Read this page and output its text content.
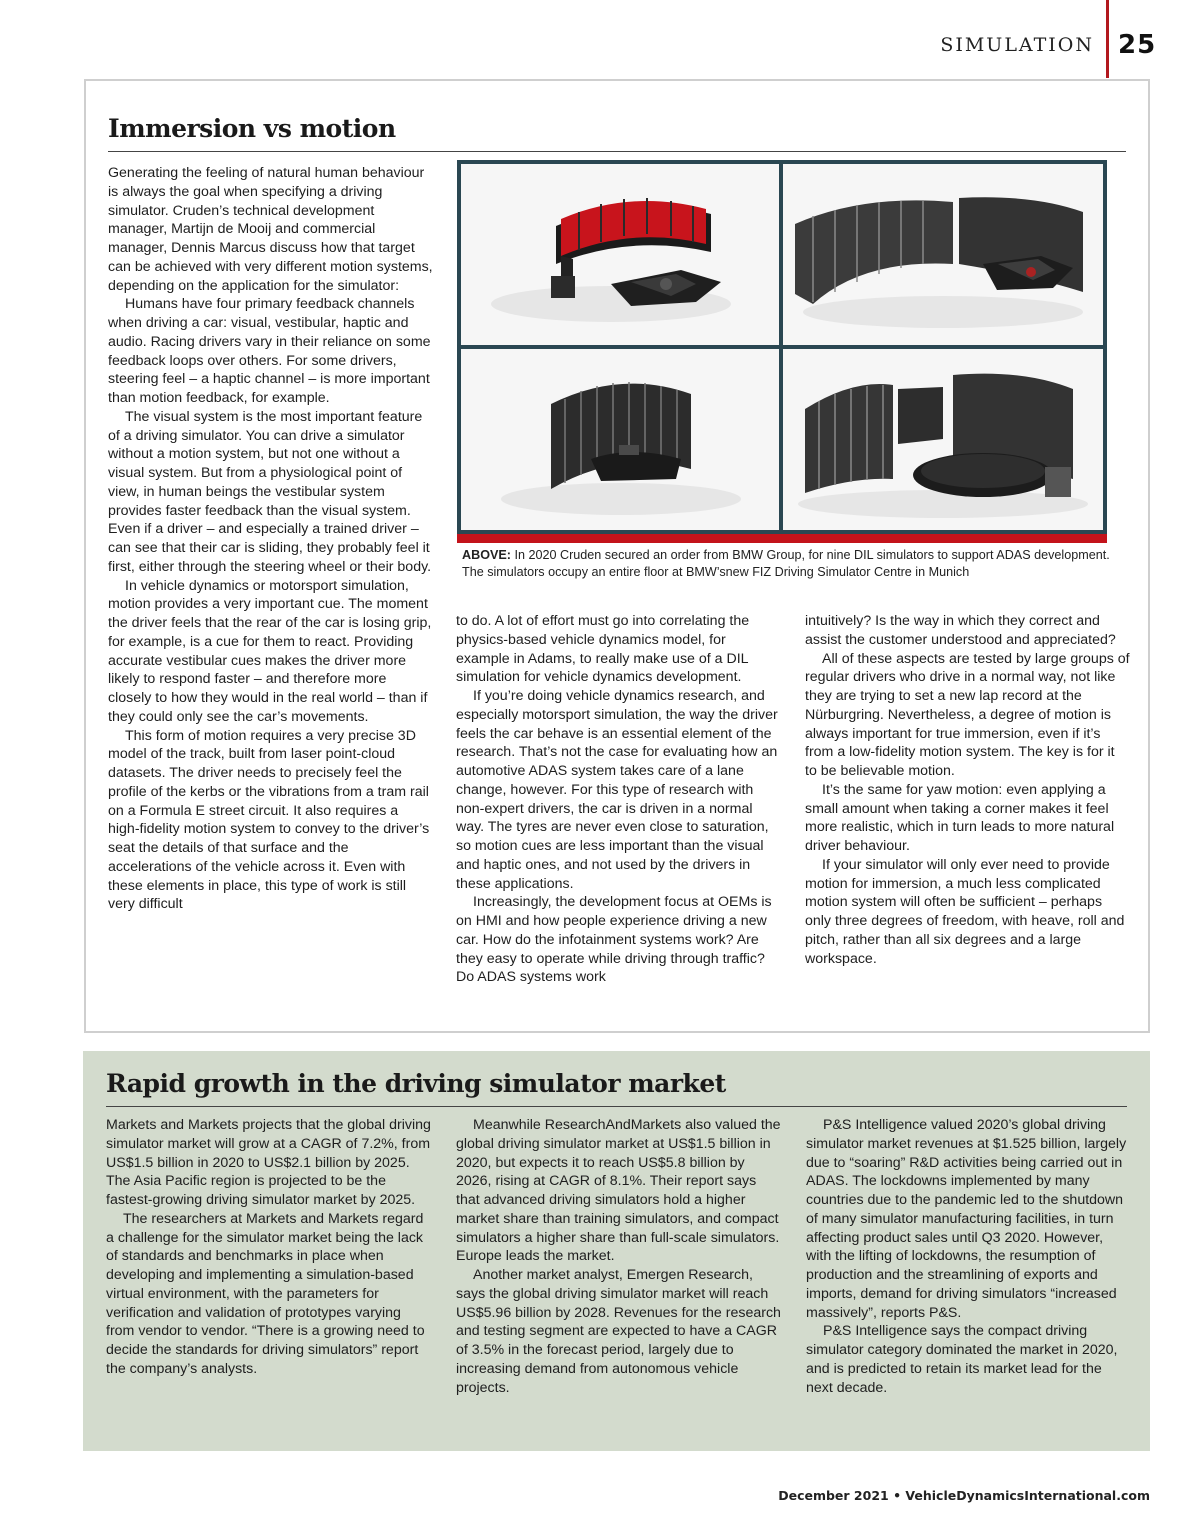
SIMULATION 25
Immersion vs motion

Generating the feeling of natural human behaviour is always the goal when specifying a driving simulator. Cruden’s technical development manager, Martijn de Mooij and commercial manager, Dennis Marcus discuss how that target can be achieved with very different motion systems, depending on the application for the simulator:

Humans have four primary feedback channels when driving a car: visual, vestibular, haptic and audio. Racing drivers vary in their reliance on some feedback loops over others. For some drivers, steering feel – a haptic channel – is more important than motion feedback, for example.

The visual system is the most important feature of a driving simulator. You can drive a simulator without a motion system, but not one without a visual system. But from a physiological point of view, in human beings the vestibular system provides faster feedback than the visual system. Even if a driver – and especially a trained driver – can see that their car is sliding, they probably feel it first, either through the steering wheel or their body.

In vehicle dynamics or motorsport simulation, motion provides a very important cue. The moment the driver feels that the rear of the car is losing grip, for example, is a cue for them to react. Providing accurate vestibular cues makes the driver more likely to respond faster – and therefore more closely to how they would in the real world – than if they could only see the car’s movements.

This form of motion requires a very precise 3D model of the track, built from laser point-cloud datasets. The driver needs to precisely feel the profile of the kerbs or the vibrations from a tram rail on a Formula E street circuit. It also requires a high-fidelity motion system to convey to the driver’s seat the details of that surface and the accelerations of the vehicle across it. Even with these elements in place, this type of work is still very difficult

ABOVE: In 2020 Cruden secured an order from BMW Group, for nine DIL simulators to support ADAS development. The simulators occupy an entire floor at BMW’snew FIZ Driving Simulator Centre in Munich

to do. A lot of effort must go into correlating the physics-based vehicle dynamics model, for example in Adams, to really make use of a DIL simulation for vehicle dynamics development.

If you’re doing vehicle dynamics research, and especially motorsport simulation, the way the driver feels the car behave is an essential element of the research. That’s not the case for evaluating how an automotive ADAS system takes care of a lane change, however. For this type of research with non-expert drivers, the car is driven in a normal way. The tyres are never even close to saturation, so motion cues are less important than the visual and haptic ones, and not used by the drivers in these applications.

Increasingly, the development focus at OEMs is on HMI and how people experience driving a new car. How do the infotainment systems work? Are they easy to operate while driving through traffic? Do ADAS systems work

intuitively? Is the way in which they correct and assist the customer understood and appreciated?

All of these aspects are tested by large groups of regular drivers who drive in a normal way, not like they are trying to set a new lap record at the Nürburgring. Nevertheless, a degree of motion is always important for true immersion, even if it’s from a low-fidelity motion system. The key is for it to be believable motion.

It’s the same for yaw motion: even applying a small amount when taking a corner makes it feel more realistic, which in turn leads to more natural driver behaviour.

If your simulator will only ever need to provide motion for immersion, a much less complicated motion system will often be sufficient – perhaps only three degrees of freedom, with heave, roll and pitch, rather than all six degrees and a large workspace.

Rapid growth in the driving simulator market

Markets and Markets projects that the global driving simulator market will grow at a CAGR of 7.2%, from US$1.5 billion in 2020 to US$2.1 billion by 2025. The Asia Pacific region is projected to be the fastest-growing driving simulator market by 2025.

The researchers at Markets and Markets regard a challenge for the simulator market being the lack of standards and benchmarks in place when developing and implementing a simulation-based virtual environment, with the parameters for verification and validation of prototypes varying from vendor to vendor. “There is a growing need to decide the standards for driving simulators” report the company’s analysts.

Meanwhile ResearchAndMarkets also valued the global driving simulator market at US$1.5 billion in 2020, but expects it to reach US$5.8 billion by 2026, rising at CAGR of 8.1%. Their report says that advanced driving simulators hold a higher market share than training simulators, and compact simulators a higher share than full-scale simulators. Europe leads the market.

Another market analyst, Emergen Research, says the global driving simulator market will reach US$5.96 billion by 2028. Revenues for the research and testing segment are expected to have a CAGR of 3.5% in the forecast period, largely due to increasing demand from autonomous vehicle projects.

P&S Intelligence valued 2020’s global driving simulator market revenues at $1.525 billion, largely due to “soaring” R&D activities being carried out in ADAS. The lockdowns implemented by many countries due to the pandemic led to the shutdown of many simulator manufacturing facilities, in turn affecting product sales until Q3 2020. However, with the lifting of lockdowns, the resumption of production and the streamlining of exports and imports, demand for driving simulators “increased massively”, reports P&S.

P&S Intelligence says the compact driving simulator category dominated the market in 2020, and is predicted to retain its market lead for the next decade.

December 2021 • VehicleDynamicsInternational.com
